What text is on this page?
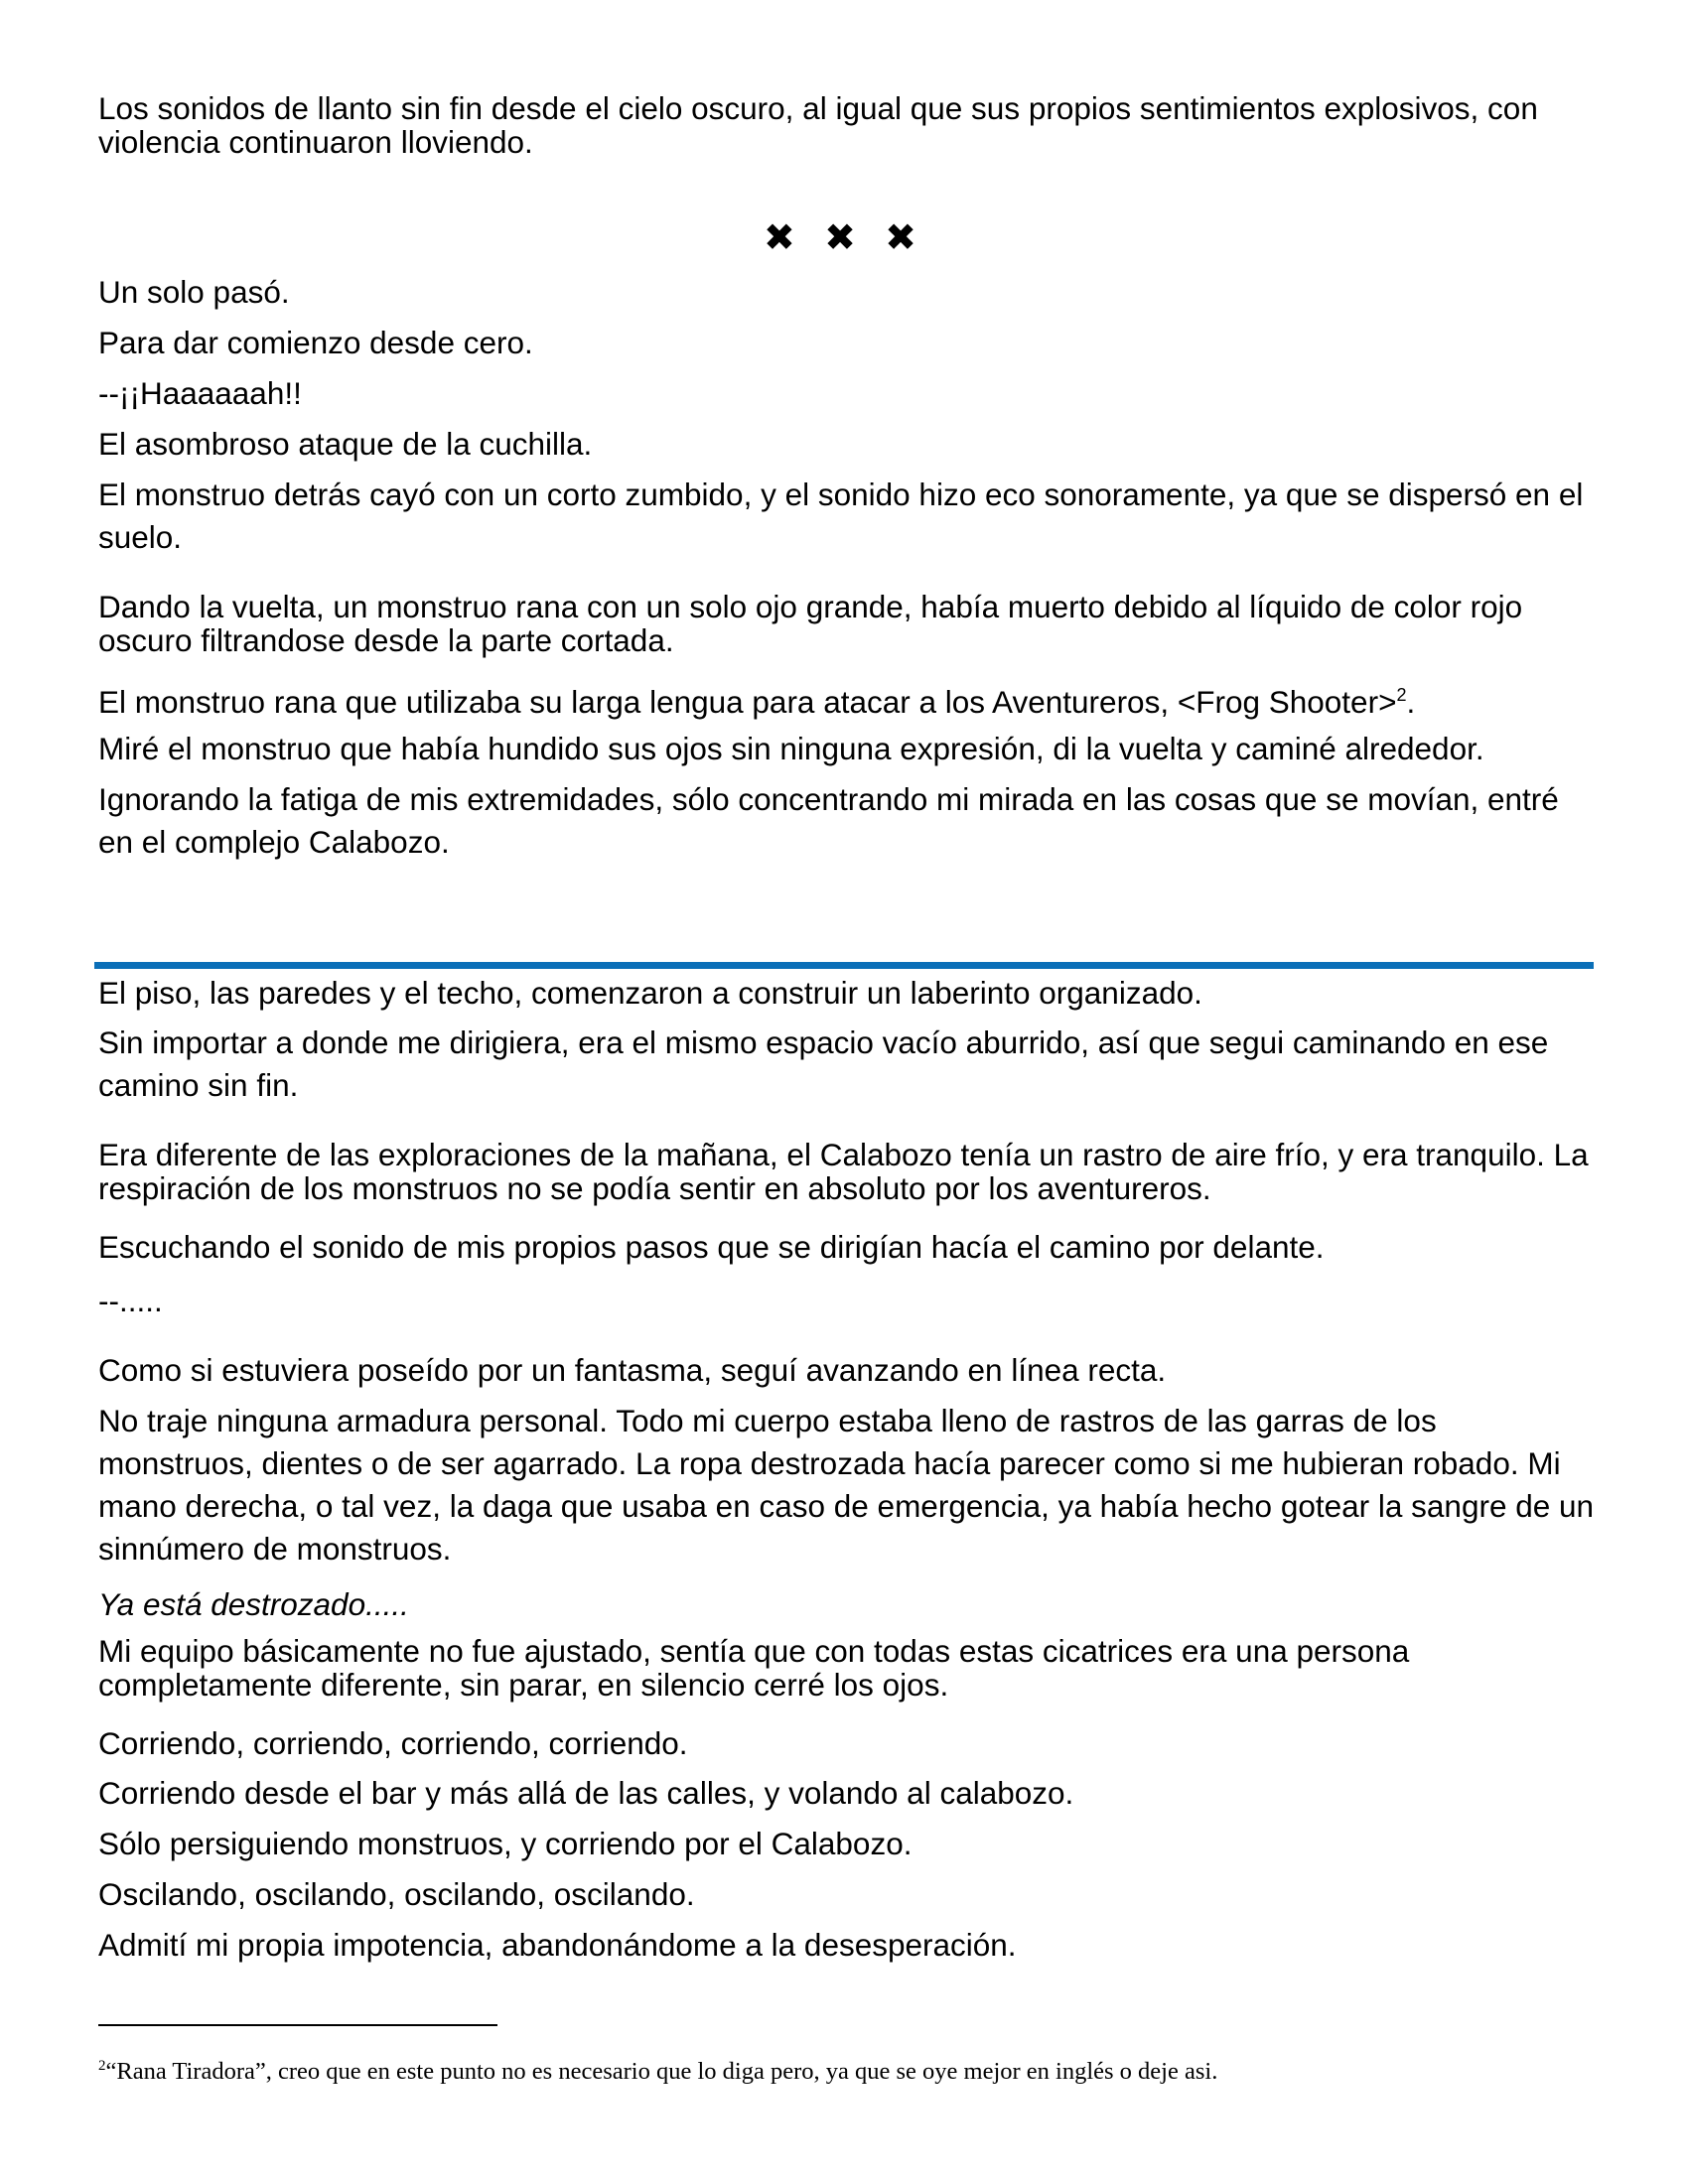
Los sonidos de llanto sin fin desde el cielo oscuro, al igual que sus propios sentimientos explosivos, con violencia continuaron lloviendo.

✖ ✖ ✖

Un solo pasó.

Para dar comienzo desde cero.

--¡¡Haaaaaah!!

El asombroso ataque de la cuchilla.

El monstruo detrás cayó con un corto zumbido, y el sonido hizo eco sonoramente, ya que se dispersó en el suelo.

Dando la vuelta, un monstruo rana con un solo ojo grande, había muerto debido al líquido de color rojo oscuro filtrandose desde la parte cortada.

El monstruo rana que utilizaba su larga lengua para atacar a los Aventureros, <Frog Shooter>$^2$.

Miré el monstruo que había hundido sus ojos sin ninguna expresión, di la vuelta y caminé alrededor.

Ignorando la fatiga de mis extremidades, sólo concentrando mi mirada en las cosas que se movían, entré en el complejo Calabozo.

El piso, las paredes y el techo, comenzaron a construir un laberinto organizado.

Sin importar a donde me dirigiera, era el mismo espacio vacío aburrido, así que segui caminando en ese camino sin fin.

Era diferente de las exploraciones de la mañana, el Calabozo tenía un rastro de aire frío, y era tranquilo. La respiración de los monstruos no se podía sentir en absoluto por los aventureros.

Escuchando el sonido de mis propios pasos que se dirigían hacía el camino por delante.

--.....

Como si estuviera poseído por un fantasma, seguí avanzando en línea recta.

No traje ninguna armadura personal. Todo mi cuerpo estaba lleno de rastros de las garras de los monstruos, dientes o de ser agarrado. La ropa destrozada hacía parecer como si me hubieran robado. Mi mano derecha, o tal vez, la daga que usaba en caso de emergencia, ya había hecho gotear la sangre de un sinnúmero de monstruos.

Ya está destrozado.....

Mi equipo básicamente no fue ajustado, sentía que con todas estas cicatrices era una persona completamente diferente, sin parar, en silencio cerré los ojos.

Corriendo, corriendo, corriendo, corriendo.

Corriendo desde el bar y más allá de las calles, y volando al calabozo.

Sólo persiguiendo monstruos, y corriendo por el Calabozo.

Oscilando, oscilando, oscilando, oscilando.

Admití mi propia impotencia, abandonándome a la desesperación.

$^2$“Rana Tiradora”, creo que en este punto no es necesario que lo diga pero, ya que se oye mejor en inglés o deje asi.
